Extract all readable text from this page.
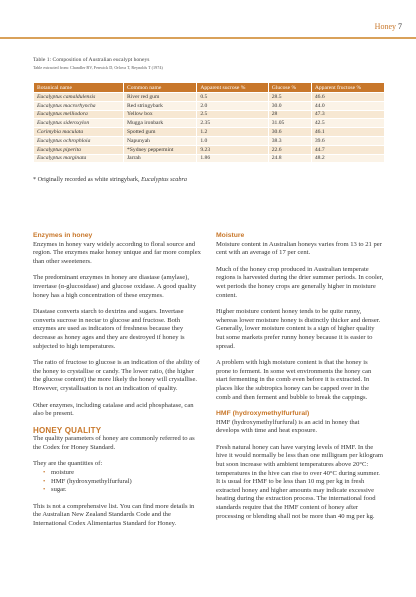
Honey 7
Table 1: Composition of Australian eucalypt honeys
Table extracted from: Chandler BV, Fenwick D, Orlova T, Reynolds T (1974)
Botanical name	Common name	Apparent sucrose %	Glucose %	Apparent fructose %
Eucalyptus camaldulensis	River red gum	0.5	28.5	46.6
Eucalyptus macrorhyncha	Red stringybark	2.0	30.0	44.0
Eucalyptus melliodora	Yellow box	2.5	28	47.3
Eucalyptus sideroxylon	Mugga ironbark	2.35	31.05	42.5
Corimybia maculata	Spotted gum	1.2	30.6	46.1
Eucalyptus ochrophloia	Napunyah	1.0	38.3	39.6
Eucalyptus piperita	*Sydney peppermint	9.23	22.6	44.7
Eucalyptus marginata	Jarrah	1.86	24.8	48.2
* Originally recorded as white stringybark, Eucalyptus scabra
Enzymes in honey

Enzymes in honey vary widely according to floral source and region. The enzymes make honey unique and far more complex than other sweeteners.

The predominant enzymes in honey are diastase (amylase), invertase (α-glucosidase) and glucose oxidase. A good quality honey has a high concentration of these enzymes.

Diastase converts starch to dextrins and sugars. Invertase converts sucrose in nectar to glucose and fructose. Both enzymes are used as indicators of freshness because they decrease as honey ages and they are destroyed if honey is subjected to high temperatures.

The ratio of fructose to glucose is an indication of the ability of the honey to crystallise or candy. The lower ratio, (the higher the glucose content) the more likely the honey will crystallise. However, crystallisation is not an indication of quality.

Other enzymes, including catalase and acid phosphatase, can also be present.

HONEY QUALITY

The quality parameters of honey are commonly referred to as the Codex for Honey Standard.

They are the quantities of:

• moisture
• HMF (hydroxymethylfurfural)
• sugar.

This is not a comprehensive list. You can find more details in the Australian New Zealand Standards Code and the International Codex Alimentarius Standard for Honey.

Moisture

Moisture content in Australian honeys varies from 13 to 21 per cent with an average of 17 per cent.

Much of the honey crop produced in Australian temperate regions is harvested during the drier summer periods. In cooler, wet periods the honey crops are generally higher in moisture content.

Higher moisture content honey tends to be quite runny, whereas lower moisture honey is distinctly thicker and denser. Generally, lower moisture content is a sign of higher quality but some markets prefer runny honey because it is easier to spread.

A problem with high moisture content is that the honey is prone to ferment. In some wet environments the honey can start fermenting in the comb even before it is extracted. In places like the subtropics honey can be capped over in the comb and then ferment and bubble to break the cappings.

HMF (hydroxymethylfurfural)

HMF (hydroxymethylfurfural) is an acid in honey that develops with time and heat exposure.

Fresh natural honey can have varying levels of HMF. In the hive it would normally be less than one milligram per kilogram but soon increase with ambient temperatures above 20°C: temperatures in the hive can rise to over 40°C during summer. It is usual for HMF to be less than 10 mg per kg in fresh extracted honey and higher amounts may indicate excessive heating during the extraction process. The international food standards require that the HMF content of honey after processing or blending shall not be more than 40 mg per kg.
